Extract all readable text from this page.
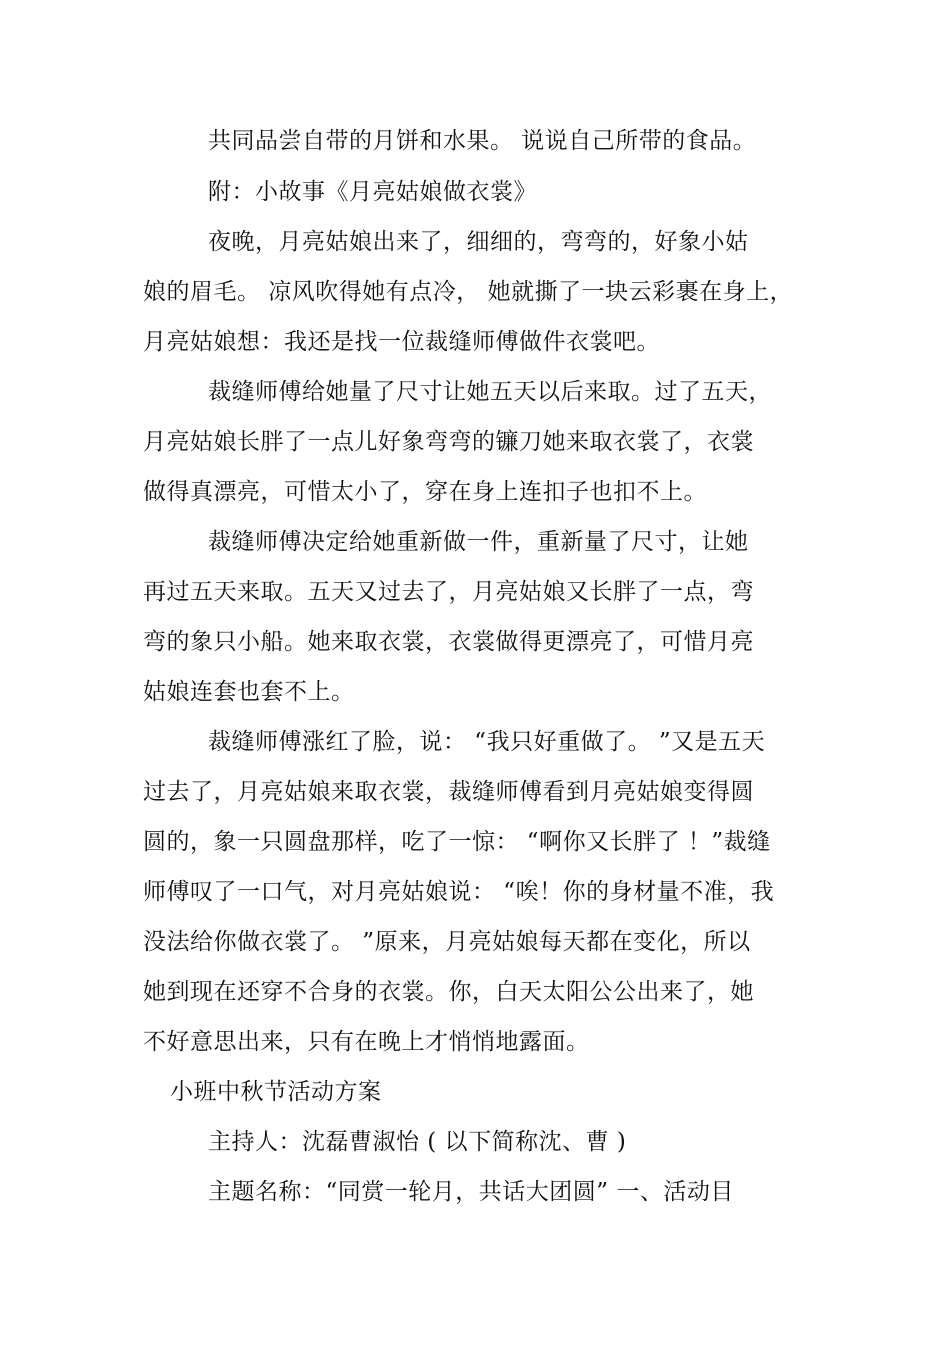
共同品尝自带的月饼和水果。 说说自己所带的食品。
附：小故事《月亮姑娘做衣裳》
夜晚，月亮姑娘出来了，细细的，弯弯的，好象小姑
娘的眉毛。 凉风吹得她有点冷， 她就撕了一块云彩裹在身上，
月亮姑娘想：我还是找一位裁缝师傅做件衣裳吧。
裁缝师傅给她量了尺寸让她五天以后来取。过了五天，
月亮姑娘长胖了一点儿好象弯弯的镰刀她来取衣裳了，衣裳
做得真漂亮，可惜太小了，穿在身上连扣子也扣不上。
裁缝师傅决定给她重新做一件，重新量了尺寸，让她
再过五天来取。五天又过去了，月亮姑娘又长胖了一点，弯
弯的象只小船。她来取衣裳，衣裳做得更漂亮了，可惜月亮
姑娘连套也套不上。
裁缝师傅涨红了脸，说： “我只好重做了。 ”又是五天
过去了，月亮姑娘来取衣裳，裁缝师傅看到月亮姑娘变得圆
圆的，象一只圆盘那样，吃了一惊： “啊你又长胖了 ！”裁缝
师傅叹了一口气，对月亮姑娘说： “唉！你的身材量不准，我
没法给你做衣裳了。 ”原来，月亮姑娘每天都在变化，所以
她到现在还穿不合身的衣裳。你，白天太阳公公出来了，她
不好意思出来，只有在晚上才悄悄地露面。
小班中秋节活动方案
主持人：沈磊曹淑怡 ( 以下简称沈、曹 )
主题名称：“同赏一轮月，共话大团圆” 一、活动目
